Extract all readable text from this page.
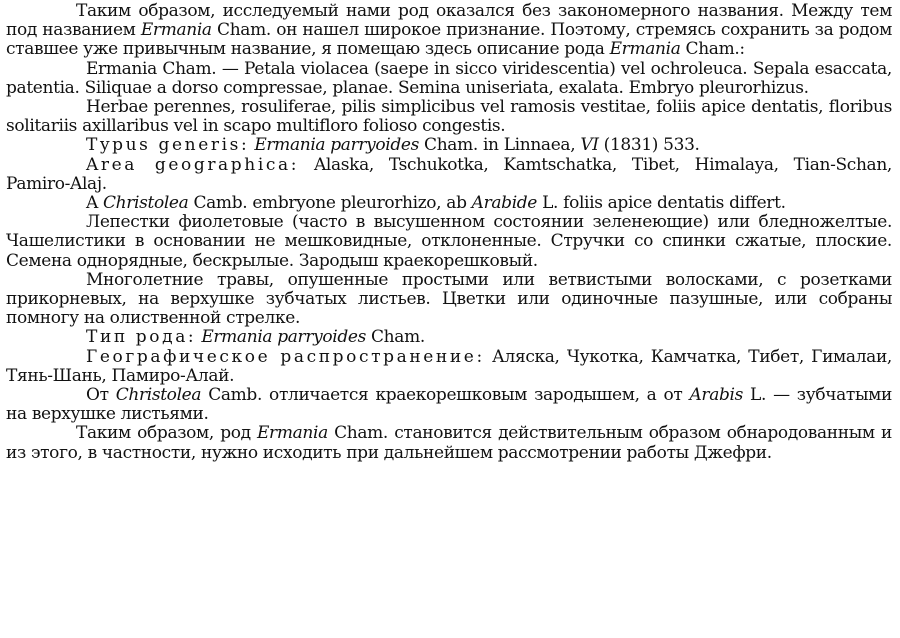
Таким образом, исследуемый нами род оказался без закономерного названия. Между тем под названием Ermania Cham. он нашел широкое признание. Поэтому, стремясь сохранить за родом ставшее уже привычным название, я помещаю здесь описание рода Ermania Cham.:

Ermania Cham. — Petala violacea (saepe in sicco viridescentia) vel ochroleuca. Sepala esaccata, patentia. Siliquae a dorso compressae, planae. Semina uniseriata, exalata. Embryo pleurorhizus.

Herbae perennes, rosuliferae, pilis simplicibus vel ramosis vestitae, foliis apice dentatis, floribus solitariis axillaribus vel in scapo multifloro folioso congestis.

Typus generis: Ermania parryoides Cham. in Linnaea, VI (1831) 533.

Area geographica: Alaska, Tschukotka, Kamtschatka, Tibet, Himalaya, Tian-Schan, Pamiro-Alaj.

A Christolea Camb. embryone pleurorhizo, ab Arabide L. foliis apice dentatis differt.

Лепестки фиолетовые (часто в высушенном состоянии зеленеющие) или бледножелтые. Чашелистики в основании не мешковидные, отклоненные. Стручки со спинки сжатые, плоские. Семена однорядные, бескрылые. Зародыш краекорешковый.

Многолетние травы, опушенные простыми или ветвистыми волосками, с розетками прикорневых, на верхушке зубчатых листьев. Цветки или одиночные пазушные, или собраны помногу на олиственной стрелке.

Тип рода: Ermania parryoides Cham.

Географическое распространение: Аляска, Чукотка, Камчатка, Тибет, Гималаи, Тянь-Шань, Памиро-Алай.

От Christolea Camb. отличается краекорешковым зародышем, а от Arabis L. — зубчатыми на верхушке листьями.

Таким образом, род Ermania Cham. становится действительным образом обнародованным и из этого, в частности, нужно исходить при дальнейшем рассмотрении работы Джефри.
